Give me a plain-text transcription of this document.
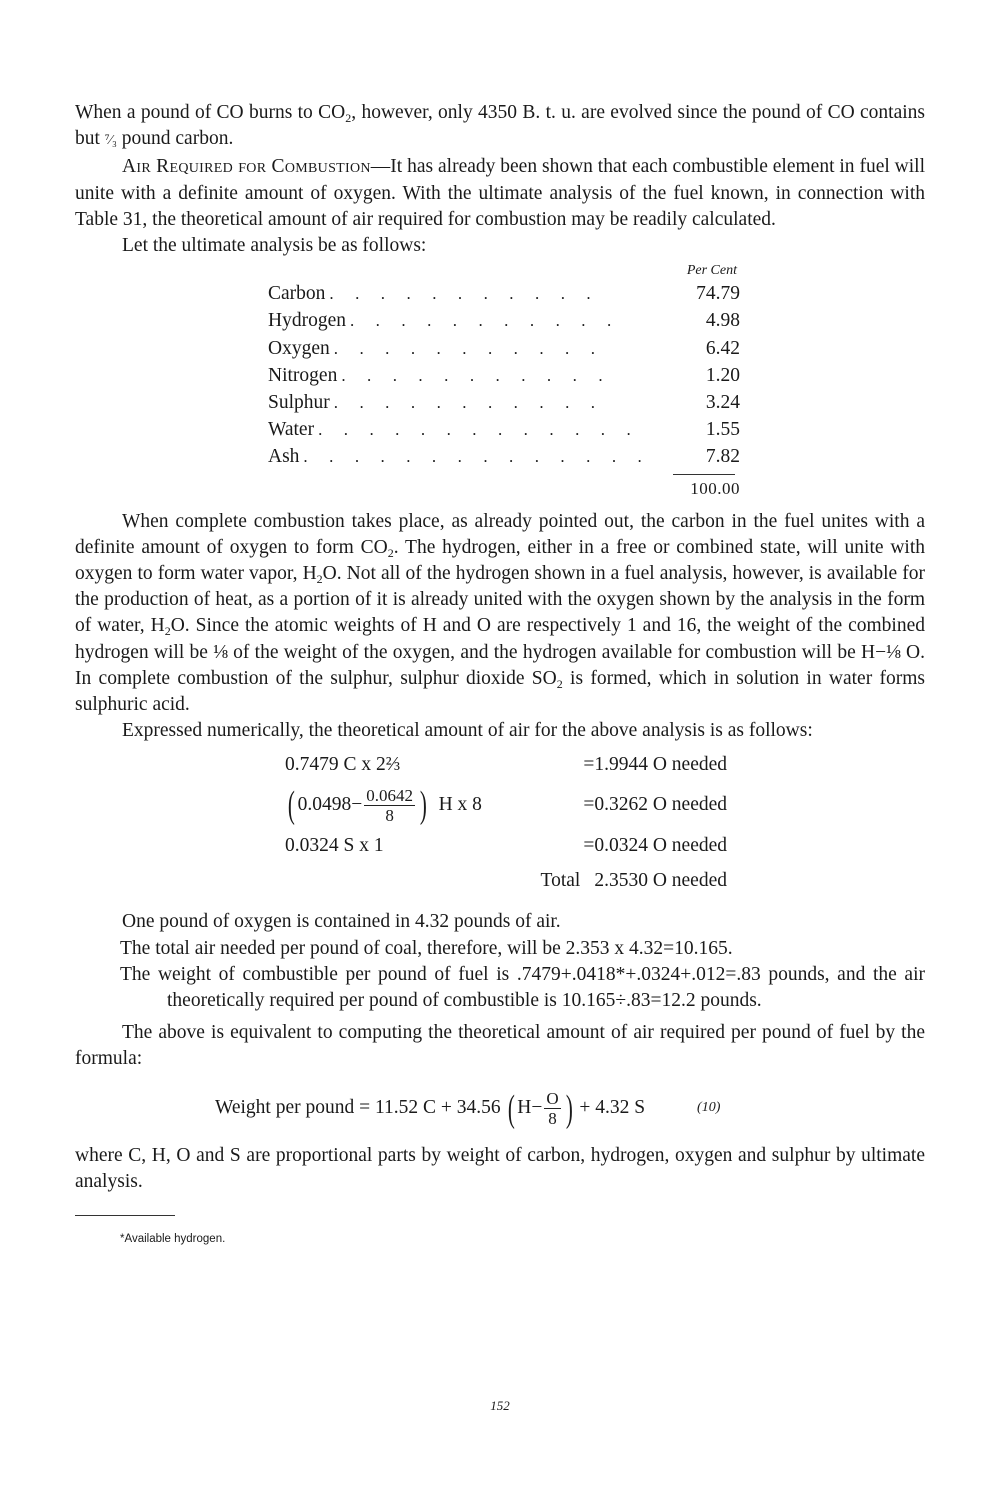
When a pound of CO burns to $CO_2$, however, only 4350 B. t. u. are evolved since the pound of CO contains but ⁷⁄₃ pound carbon.

Air Required for Combustion—It has already been shown that each combustible element in fuel will unite with a definite amount of oxygen. With the ultimate analysis of the fuel known, in connection with Table 31, the theoretical amount of air required for combustion may be readily calculated.

Let the ultimate analysis be as follows:

Per Cent
Carbon . . . . . . . . . . .	74.79
Hydrogen . . . . . . . . . . .	4.98
Oxygen . . . . . . . . . . .	6.42
Nitrogen . . . . . . . . . . .	1.20
Sulphur . . . . . . . . . . .	3.24
Water . . . . . . . . . . . . .	1.55
Ash . . . . . . . . . . . . . .	7.82
100.00

When complete combustion takes place, as already pointed out, the carbon in the fuel unites with a definite amount of oxygen to form $CO_2$. The hydrogen, either in a free or combined state, will unite with oxygen to form water vapor, $H_2O$. Not all of the hydrogen shown in a fuel analysis, however, is available for the production of heat, as a portion of it is already united with the oxygen shown by the analysis in the form of water, $H_2O$. Since the atomic weights of H and O are respectively 1 and 16, the weight of the combined hydrogen will be ⅛ of the weight of the oxygen, and the hydrogen available for combustion will be H−⅛ O. In complete combustion of the sulphur, sulphur dioxide $SO_2$ is formed, which in solution in water forms sulphuric acid.

Expressed numerically, the theoretical amount of air for the above analysis is as follows:

0.7479 C x 2⅔	=1.9944 O needed
( $0.0498- \frac{0.0642}{8}$ ) H x 8	=0.3262 O needed
0.0324 S x 1	=0.0324 O needed
Total 2.3530 O needed

One pound of oxygen is contained in 4.32 pounds of air.

The total air needed per pound of coal, therefore, will be 2.353 x 4.32=10.165.

The weight of combustible per pound of fuel is .7479+.0418*+.0324+.012=.83 pounds, and the air theoretically required per pound of combustible is 10.165÷.83=12.2 pounds.

The above is equivalent to computing the theoretical amount of air required per pound of fuel by the formula:

Weight per pound = 11.52 C + 34.56 ( $H- \frac{O}{8}$ ) + 4.32 S	(10)

where C, H, O and S are proportional parts by weight of carbon, hydrogen, oxygen and sulphur by ultimate analysis.

*Available hydrogen.
152
